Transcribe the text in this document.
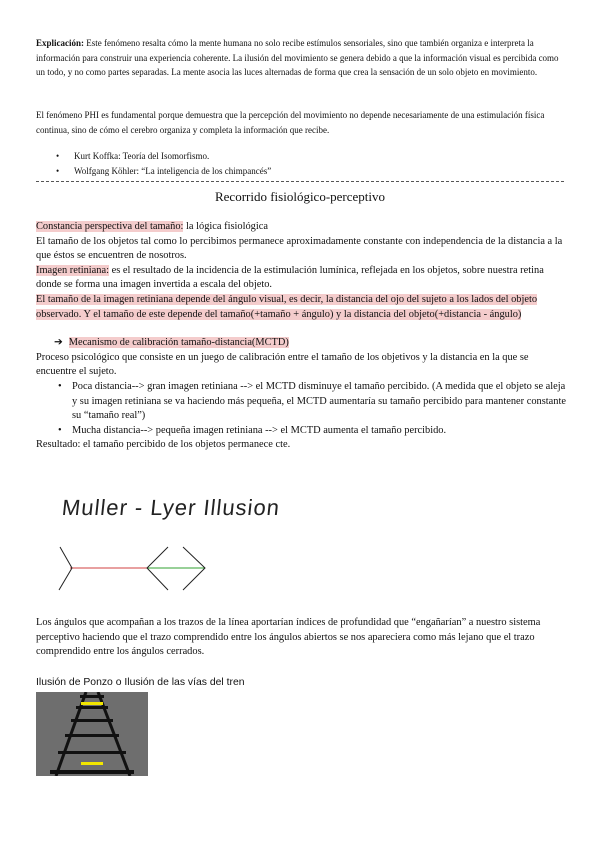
Explicación: Este fenómeno resalta cómo la mente humana no solo recibe estímulos sensoriales, sino que también organiza e interpreta la información para construir una experiencia coherente. La ilusión del movimiento se genera debido a que la información visual es percibida como un todo, y no como partes separadas. La mente asocia las luces alternadas de forma que crea la sensación de un solo objeto en movimiento.
El fenómeno PHI es fundamental porque demuestra que la percepción del movimiento no depende necesariamente de una estimulación física continua, sino de cómo el cerebro organiza y completa la información que recibe.
• Kurt Koffka: Teoría del Isomorfismo.
• Wolfgang Köhler: “La inteligencia de los chimpancés”
Recorrido fisiológico-perceptivo
Constancia perspectiva del tamaño: la lógica fisiológica
El tamaño de los objetos tal como lo percibimos permanece aproximadamente constante con independencia de la distancia a la que éstos se encuentren de nosotros.
Imagen retiniana: es el resultado de la incidencia de la estimulación lumínica, reflejada en los objetos, sobre nuestra retina donde se forma una imagen invertida a escala del objeto.
El tamaño de la imagen retiniana depende del ángulo visual, es decir, la distancia del ojo del sujeto a los lados del objeto observado. Y el tamaño de este depende del tamaño(+tamaño + ángulo) y la distancia del objeto(+distancia - ángulo)
➔ Mecanismo de calibración tamaño-distancia(MCTD)
Proceso psicológico que consiste en un juego de calibración entre el tamaño de los objetivos y la distancia en la que se encuentre el sujeto.
• Poca distancia--> gran imagen retiniana --> el MCTD disminuye el tamaño percibido. (A medida que el objeto se aleja y su imagen retiniana se va haciendo más pequeña, el MCTD aumentaría su tamaño percibido para mantener constante su “tamaño real”)
• Mucha distancia--> pequeña imagen retiniana --> el MCTD aumenta el tamaño percibido.
Resultado: el tamaño percibido de los objetos permanece cte.
Muller - Lyer Illusion
Los ángulos que acompañan a los trazos de la línea aportarían índices de profundidad que “engañarían” a nuestro sistema perceptivo haciendo que el trazo comprendido entre los ángulos abiertos se nos apareciera como más lejano que el trazo comprendido entre los ángulos cerrados.
Ilusión de Ponzo o Ilusión de las vías del tren
